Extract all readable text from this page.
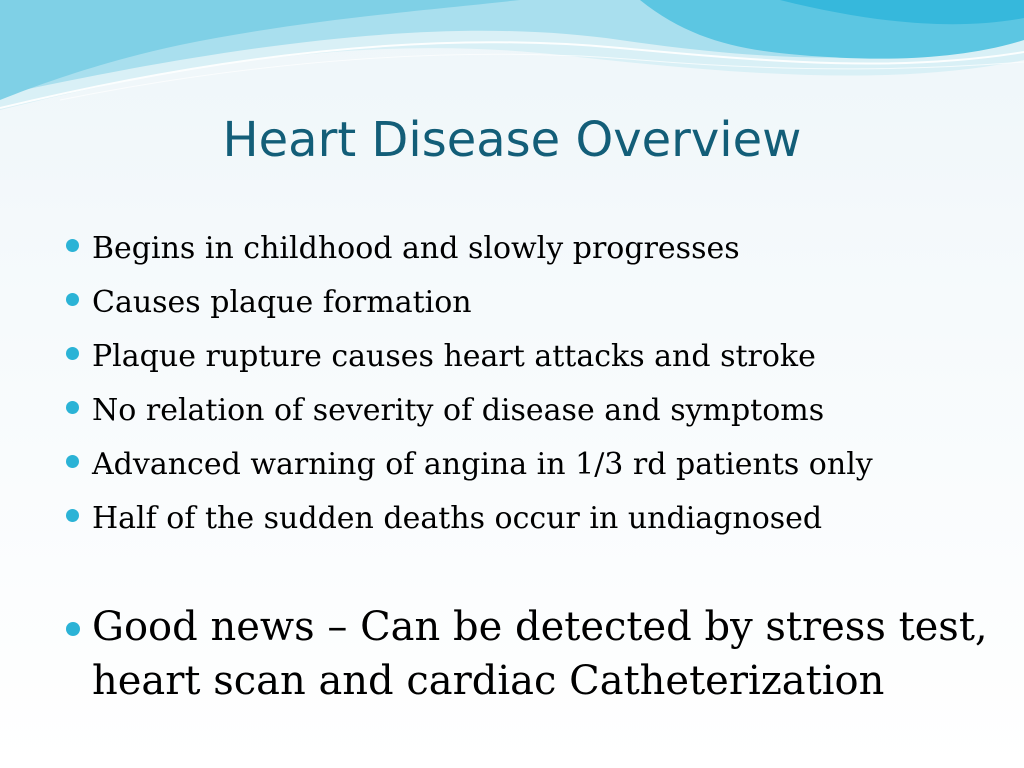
Heart Disease Overview
Begins in childhood and slowly progresses
Causes plaque formation
Plaque rupture causes heart attacks and stroke
No relation of severity of disease and symptoms
Advanced warning of angina in 1/3 rd patients only
Half of the sudden deaths occur in undiagnosed
Good news – Can be detected by stress test, heart scan and cardiac Catheterization
